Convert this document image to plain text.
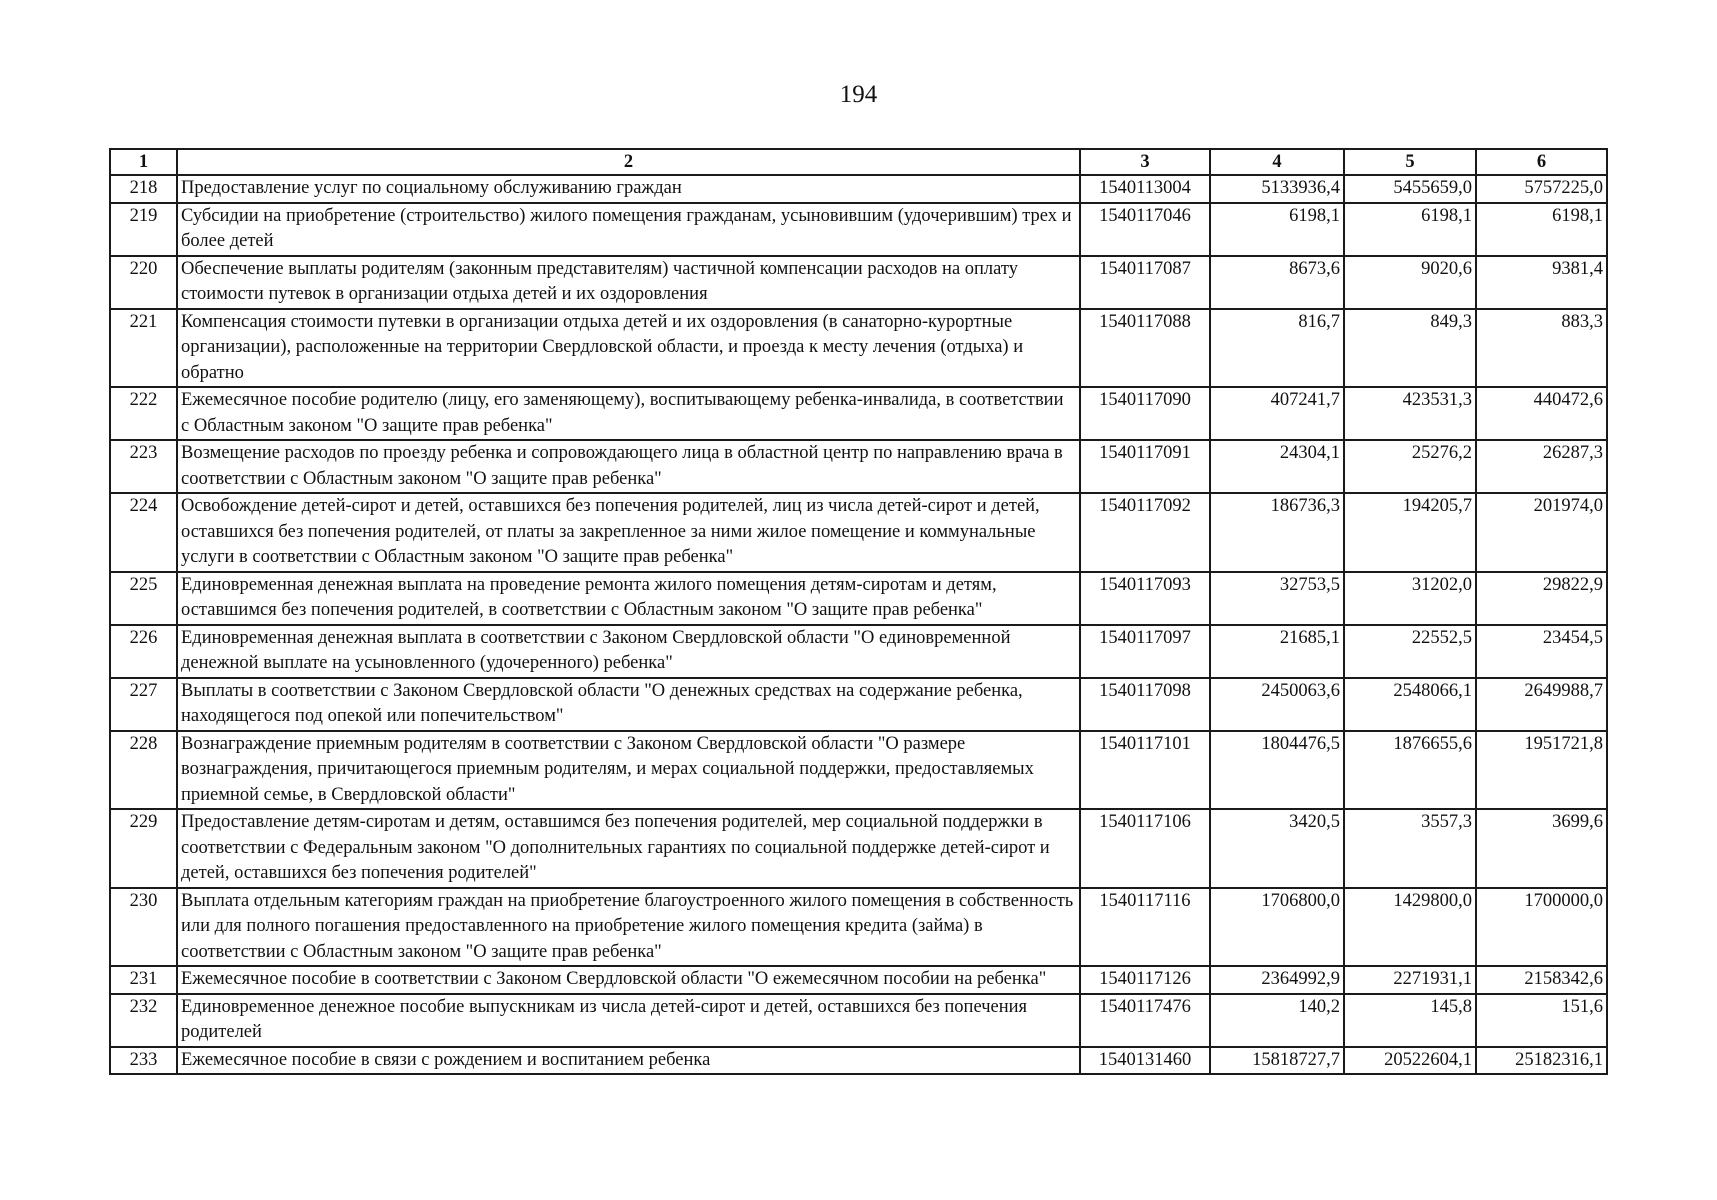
194
1	2	3	4	5	6
218	Предоставление услуг по социальному обслуживанию граждан	1540113004	5133936,4	5455659,0	5757225,0
219	Субсидии на приобретение (строительство) жилого помещения гражданам, усыновившим (удочерившим) трех и более детей	1540117046	6198,1	6198,1	6198,1
220	Обеспечение выплаты родителям (законным представителям) частичной компенсации расходов на оплату стоимости путевок в организации отдыха детей и их оздоровления	1540117087	8673,6	9020,6	9381,4
221	Компенсация стоимости путевки в организации отдыха детей и их оздоровления (в санаторно-курортные организации), расположенные на территории Свердловской области, и проезда к месту лечения (отдыха) и обратно	1540117088	816,7	849,3	883,3
222	Ежемесячное пособие родителю (лицу, его заменяющему), воспитывающему ребенка-инвалида, в соответствии с Областным законом "О защите прав ребенка"	1540117090	407241,7	423531,3	440472,6
223	Возмещение расходов по проезду ребенка и сопровождающего лица в областной центр по направлению врача в соответствии с Областным законом "О защите прав ребенка"	1540117091	24304,1	25276,2	26287,3
224	Освобождение детей-сирот и детей, оставшихся без попечения родителей, лиц из числа детей-сирот и детей, оставшихся без попечения родителей, от платы за закрепленное за ними жилое помещение и коммунальные услуги в соответствии с Областным законом "О защите прав ребенка"	1540117092	186736,3	194205,7	201974,0
225	Единовременная денежная выплата на проведение ремонта жилого помещения детям-сиротам и детям, оставшимся без попечения родителей, в соответствии с Областным законом "О защите прав ребенка"	1540117093	32753,5	31202,0	29822,9
226	Единовременная денежная выплата в соответствии с Законом Свердловской области "О единовременной денежной выплате на усыновленного (удочеренного) ребенка"	1540117097	21685,1	22552,5	23454,5
227	Выплаты в соответствии с Законом Свердловской области "О денежных средствах на содержание ребенка, находящегося под опекой или попечительством"	1540117098	2450063,6	2548066,1	2649988,7
228	Вознаграждение приемным родителям в соответствии с Законом Свердловской области "О размере вознаграждения, причитающегося приемным родителям, и мерах социальной поддержки, предоставляемых приемной семье, в Свердловской области"	1540117101	1804476,5	1876655,6	1951721,8
229	Предоставление детям-сиротам и детям, оставшимся без попечения родителей, мер социальной поддержки в соответствии с Федеральным законом "О дополнительных гарантиях по социальной поддержке детей-сирот и детей, оставшихся без попечения родителей"	1540117106	3420,5	3557,3	3699,6
230	Выплата отдельным категориям граждан на приобретение благоустроенного жилого помещения в собственность или для полного погашения предоставленного на приобретение жилого помещения кредита (займа) в соответствии с Областным законом "О защите прав ребенка"	1540117116	1706800,0	1429800,0	1700000,0
231	Ежемесячное пособие в соответствии с Законом Свердловской области "О ежемесячном пособии на ребенка"	1540117126	2364992,9	2271931,1	2158342,6
232	Единовременное денежное пособие выпускникам из числа детей-сирот и детей, оставшихся без попечения родителей	1540117476	140,2	145,8	151,6
233	Ежемесячное пособие в связи с рождением и воспитанием ребенка	1540131460	15818727,7	20522604,1	25182316,1
